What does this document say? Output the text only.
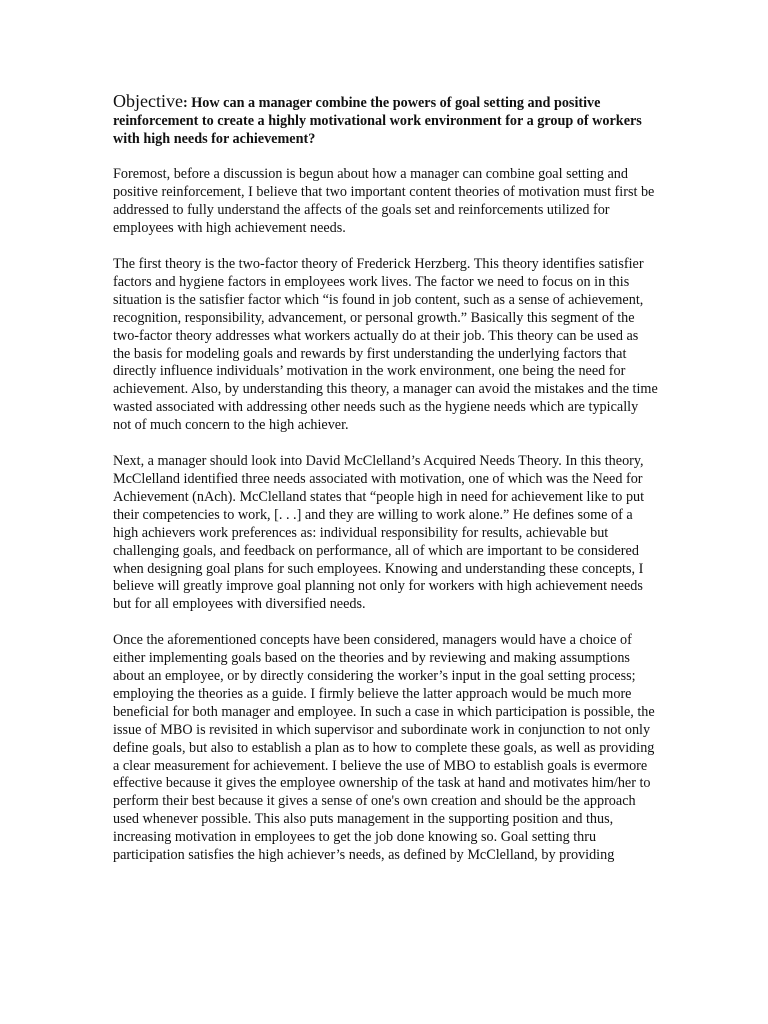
Objective: How can a manager combine the powers of goal setting and positive reinforcement to create a highly motivational work environment for a group of workers with high needs for achievement?

Foremost, before a discussion is begun about how a manager can combine goal setting and positive reinforcement, I believe that two important content theories of motivation must first be addressed to fully understand the affects of the goals set and reinforcements utilized for employees with high achievement needs.

The first theory is the two-factor theory of Frederick Herzberg. This theory identifies satisfier factors and hygiene factors in employees work lives. The factor we need to focus on in this situation is the satisfier factor which “is found in job content, such as a sense of achievement, recognition, responsibility, advancement, or personal growth.” Basically this segment of the two-factor theory addresses what workers actually do at their job. This theory can be used as the basis for modeling goals and rewards by first understanding the underlying factors that directly influence individuals’ motivation in the work environment, one being the need for achievement. Also, by understanding this theory, a manager can avoid the mistakes and the time wasted associated with addressing other needs such as the hygiene needs which are typically not of much concern to the high achiever.

Next, a manager should look into David McClelland’s Acquired Needs Theory. In this theory, McClelland identified three needs associated with motivation, one of which was the Need for Achievement (nAch). McClelland states that “people high in need for achievement like to put their competencies to work, [. . .] and they are willing to work alone.” He defines some of a high achievers work preferences as: individual responsibility for results, achievable but challenging goals, and feedback on performance, all of which are important to be considered when designing goal plans for such employees. Knowing and understanding these concepts, I believe will greatly improve goal planning not only for workers with high achievement needs but for all employees with diversified needs.

Once the aforementioned concepts have been considered, managers would have a choice of either implementing goals based on the theories and by reviewing and making assumptions about an employee, or by directly considering the worker’s input in the goal setting process; employing the theories as a guide. I firmly believe the latter approach would be much more beneficial for both manager and employee. In such a case in which participation is possible, the issue of MBO is revisited in which supervisor and subordinate work in conjunction to not only define goals, but also to establish a plan as to how to complete these goals, as well as providing a clear measurement for achievement. I believe the use of MBO to establish goals is evermore effective because it gives the employee ownership of the task at hand and motivates him/her to perform their best because it gives a sense of one's own creation and should be the approach used whenever possible. This also puts management in the supporting position and thus, increasing motivation in employees to get the job done knowing so. Goal setting thru participation satisfies the high achiever’s needs, as defined by McClelland, by providing
